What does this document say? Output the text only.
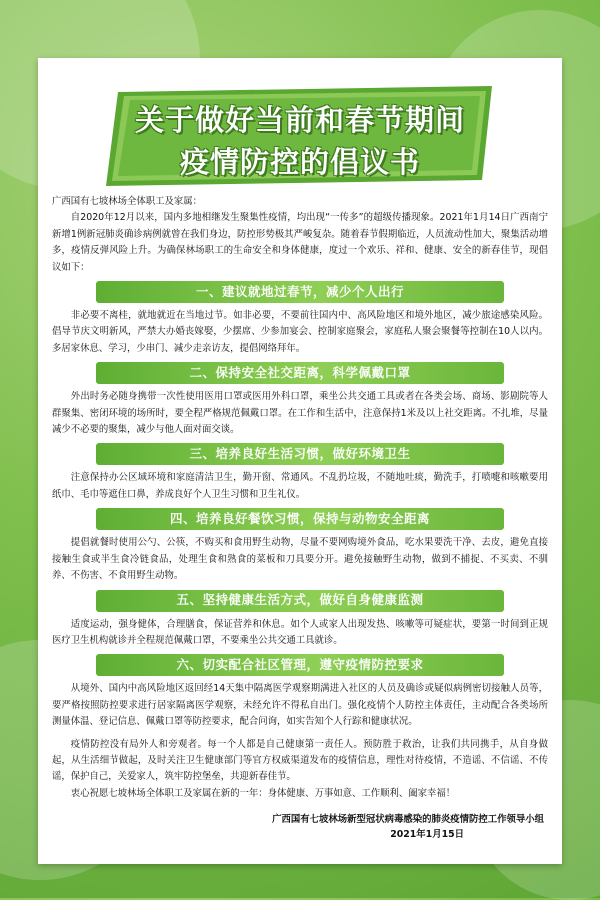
关于做好当前和春节期间
疫情防控的倡议书

广西国有七坡林场全体职工及家属：

自2020年12月以来，国内多地相继发生聚集性疫情，均出现“一传多”的超级传播现象。2021年1月14日广西南宁新增1例新冠肺炎确诊病例就曾在我们身边，防控形势极其严峻复杂。随着春节假期临近，人员流动性加大，聚集活动增多，疫情反弹风险上升。为确保林场职工的生命安全和身体健康，度过一个欢乐、祥和、健康、安全的新春佳节，现倡议如下：

一、建议就地过春节，减少个人出行

非必要不离桂，就地就近在当地过节。如非必要，不要前往国内中、高风险地区和境外地区，减少旅途感染风险。倡导节庆文明新风，严禁大办婚丧嫁娶，少摆席、少参加宴会、控制家庭聚会，家庭私人聚会聚餐等控制在10人以内。多居家休息、学习，少串门、减少走亲访友，提倡网络拜年。

二、保持安全社交距离，科学佩戴口罩

外出时务必随身携带一次性使用医用口罩或医用外科口罩，乘坐公共交通工具或者在各类会场、商场、影剧院等人群聚集、密闭环境的场所时，要全程严格规范佩戴口罩。在工作和生活中，注意保持1米及以上社交距离。不扎堆，尽量减少不必要的聚集，减少与他人面对面交谈。

三、培养良好生活习惯，做好环境卫生

注意保持办公区域环境和家庭清洁卫生，勤开窗、常通风。不乱扔垃圾，不随地吐痰，勤洗手，打喷嚏和咳嗽要用纸巾、毛巾等遮住口鼻，养成良好个人卫生习惯和卫生礼仪。

四、培养良好餐饮习惯，保持与动物安全距离

提倡就餐时使用公勺、公筷，不购买和食用野生动物，尽量不要网购境外食品，吃水果要洗干净、去皮，避免直接接触生食或半生食冷链食品，处理生食和熟食的菜板和刀具要分开。避免接触野生动物，做到不捕捉、不买卖、不驯养、不伤害、不食用野生动物。

五、坚持健康生活方式，做好自身健康监测

适度运动，强身健体，合理膳食，保证营养和休息。如个人或家人出现发热、咳嗽等可疑症状，要第一时间到正规医疗卫生机构就诊并全程规范佩戴口罩，不要乘坐公共交通工具就诊。

六、切实配合社区管理，遵守疫情防控要求

从境外、国内中高风险地区返回经14天集中隔离医学观察期满进入社区的人员及确诊或疑似病例密切接触人员等，要严格按照防控要求进行居家隔离医学观察，未经允许不得私自出门。强化疫情个人防控主体责任，主动配合各类场所测量体温、登记信息、佩戴口罩等防控要求，配合问询，如实告知个人行踪和健康状况。

疫情防控没有局外人和旁观者。每一个人都是自己健康第一责任人。预防胜于救治，让我们共同携手，从自身做起，从生活细节做起，及时关注卫生健康部门等官方权威渠道发布的疫情信息，理性对待疫情，不造谣、不信谣、不传谣，保护自己，关爱家人，筑牢防控堡垒，共迎新春佳节。

衷心祝愿七坡林场全体职工及家属在新的一年：身体健康、万事如意、工作顺利、阖家幸福！

广西国有七坡林场新型冠状病毒感染的肺炎疫情防控工作领导小组
2021年1月15日
